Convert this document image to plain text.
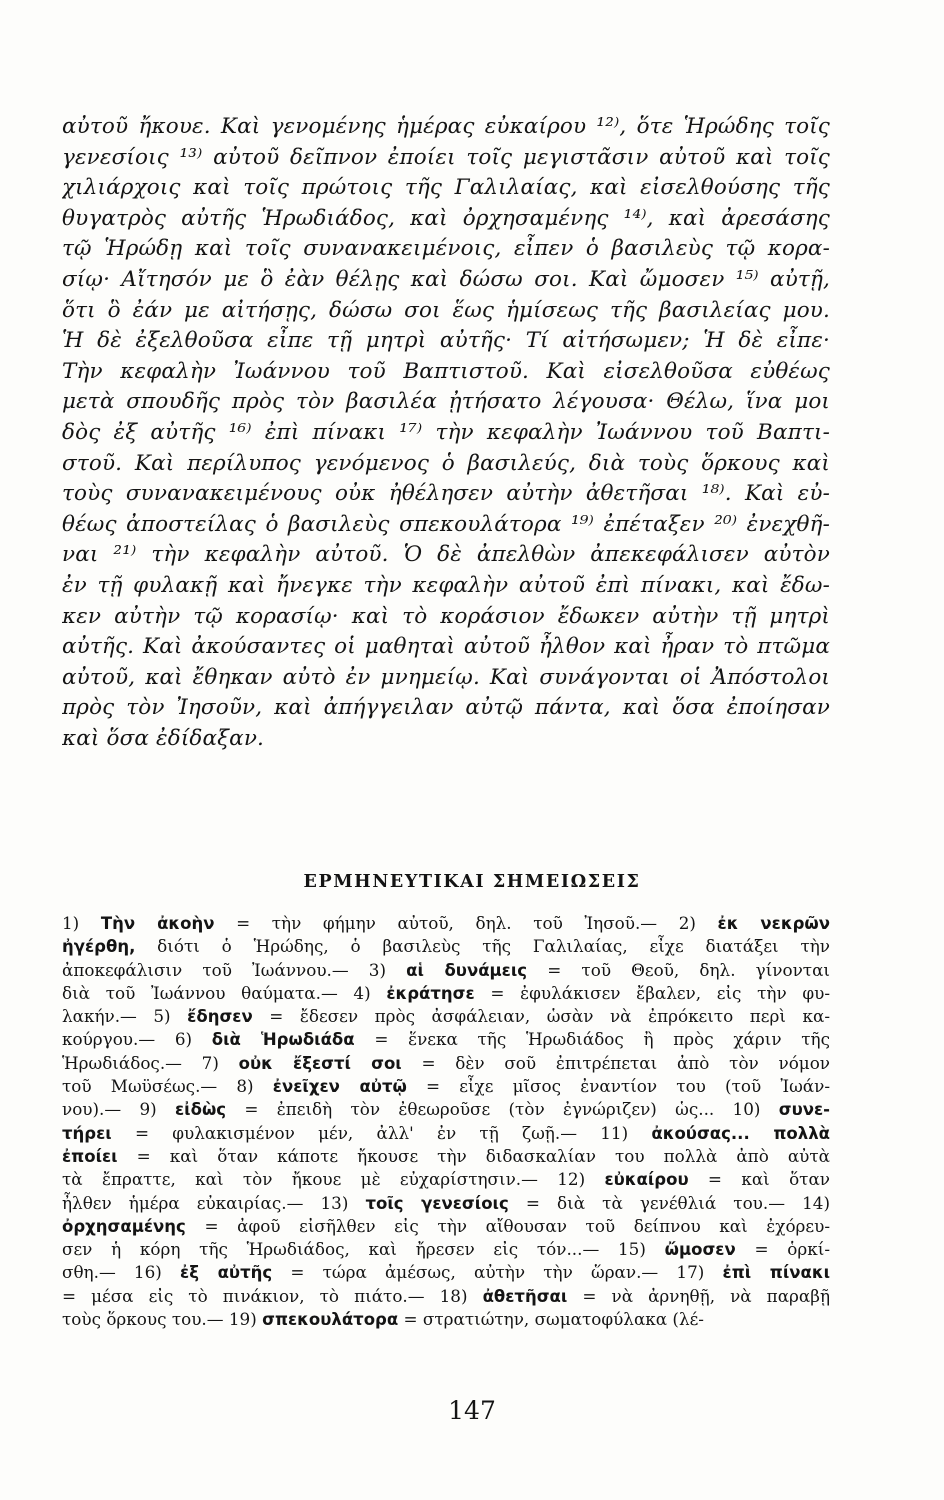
αὐτοῦ ἤκουε. Καὶ γενομένης ἡμέρας εὐκαίρου ¹²⁾, ὅτε Ἡρώδης τοῖς
γενεσίοις ¹³⁾ αὐτοῦ δεῖπνον ἐποίει τοῖς μεγιστᾶσιν αὐτοῦ καὶ τοῖς
χιλιάρχοις καὶ τοῖς πρώτοις τῆς Γαλιλαίας, καὶ εἰσελθούσης τῆς
θυγατρὸς αὐτῆς Ἡρωδιάδος, καὶ ὀρχησαμένης ¹⁴⁾, καὶ ἀρεσάσης
τῷ Ἡρώδῃ καὶ τοῖς συνανακειμένοις, εἶπεν ὁ βασιλεὺς τῷ κορα-
σίῳ· Αἴτησόν με ὃ ἐὰν θέλῃς καὶ δώσω σοι. Καὶ ὤμοσεν ¹⁵⁾ αὐτῇ,
ὅτι ὃ ἐάν με αἰτήσῃς, δώσω σοι ἕως ἡμίσεως τῆς βασιλείας μου.
Ἡ δὲ ἐξελθοῦσα εἶπε τῇ μητρὶ αὐτῆς· Τί αἰτήσωμεν; Ἡ δὲ εἶπε·
Τὴν κεφαλὴν Ἰωάννου τοῦ Βαπτιστοῦ. Καὶ εἰσελθοῦσα εὐθέως
μετὰ σπουδῆς πρὸς τὸν βασιλέα ᾐτήσατο λέγουσα· Θέλω, ἵνα μοι
δὸς ἐξ αὐτῆς ¹⁶⁾ ἐπὶ πίνακι ¹⁷⁾ τὴν κεφαλὴν Ἰωάννου τοῦ Βαπτι-
στοῦ. Καὶ περίλυπος γενόμενος ὁ βασιλεύς, διὰ τοὺς ὅρκους καὶ
τοὺς συνανακειμένους οὐκ ἠθέλησεν αὐτὴν ἀθετῆσαι ¹⁸⁾. Καὶ εὐ-
θέως ἀποστείλας ὁ βασιλεὺς σπεκουλάτορα ¹⁹⁾ ἐπέταξεν ²⁰⁾ ἐνεχθῆ-
ναι ²¹⁾ τὴν κεφαλὴν αὐτοῦ. Ὁ δὲ ἀπελθὼν ἀπεκεφάλισεν αὐτὸν
ἐν τῇ φυλακῇ καὶ ἤνεγκε τὴν κεφαλὴν αὐτοῦ ἐπὶ πίνακι, καὶ ἔδω-
κεν αὐτὴν τῷ κορασίῳ· καὶ τὸ κοράσιον ἔδωκεν αὐτὴν τῇ μητρὶ
αὐτῆς. Καὶ ἀκούσαντες οἱ μαθηταὶ αὐτοῦ ἦλθον καὶ ἦραν τὸ πτῶμα
αὐτοῦ, καὶ ἔθηκαν αὐτὸ ἐν μνημείῳ. Καὶ συνάγονται οἱ Ἀπόστολοι
πρὸς τὸν Ἰησοῦν, καὶ ἀπήγγειλαν αὐτῷ πάντα, καὶ ὅσα ἐποίησαν
καὶ ὅσα ἐδίδαξαν.
ΕΡΜΗΝΕΥΤΙΚΑΙ ΣΗΜΕΙΩΣΕΙΣ
1) Τὴν ἀκοὴν = τὴν φήμην αὐτοῦ, δηλ. τοῦ Ἰησοῦ.— 2) ἐκ νεκρῶν
ἠγέρθη, διότι ὁ Ἡρώδης, ὁ βασιλεὺς τῆς Γαλιλαίας, εἶχε διατάξει τὴν
ἀποκεφάλισιν τοῦ Ἰωάννου.— 3) αἱ δυνάμεις = τοῦ Θεοῦ, δηλ. γίνονται
διὰ τοῦ Ἰωάννου θαύματα.— 4) ἐκράτησε = ἐφυλάκισεν ἔβαλεν, εἰς τὴν φυ-
λακήν.— 5) ἔδησεν = ἔδεσεν πρὸς ἀσφάλειαν, ὡσὰν νὰ ἐπρόκειτο περὶ κα-
κούργου.— 6) διὰ Ἡρωδιάδα = ἕνεκα τῆς Ἡρωδιάδος ἢ πρὸς χάριν τῆς
Ἡρωδιάδος.— 7) οὐκ ἔξεστί σοι = δὲν σοῦ ἐπιτρέπεται ἀπὸ τὸν νόμον
τοῦ Μωϋσέως.— 8) ἐνεῖχεν αὐτῷ = εἶχε μῖσος ἐναντίον του (τοῦ Ἰωάν-
νου).— 9) εἰδὼς = ἐπειδὴ τὸν ἐθεωροῦσε (τὸν ἐγνώριζεν) ὡς... 10) συνε-
τήρει = φυλακισμένον μέν, ἀλλ' ἐν τῇ ζωῇ.— 11) ἀκούσας... πολλὰ
ἐποίει = καὶ ὅταν κάποτε ἤκουσε τὴν διδασκαλίαν του πολλὰ ἀπὸ αὐτὰ
τὰ ἔπραττε, καὶ τὸν ἤκουε μὲ εὐχαρίστησιν.— 12) εὐκαίρου = καὶ ὅταν
ἦλθεν ἡμέρα εὐκαιρίας.— 13) τοῖς γενεσίοις = διὰ τὰ γενέθλιά του.— 14)
ὀρχησαμένης = ἀφοῦ εἰσῆλθεν εἰς τὴν αἴθουσαν τοῦ δείπνου καὶ ἐχόρευ-
σεν ἡ κόρη τῆς Ἡρωδιάδος, καὶ ἤρεσεν εἰς τόν...— 15) ὤμοσεν = ὁρκί-
σθη.— 16) ἐξ αὐτῆς = τώρα ἀμέσως, αὐτὴν τὴν ὥραν.— 17) ἐπὶ πίνακι
= μέσα εἰς τὸ πινάκιον, τὸ πιάτο.— 18) ἀθετῆσαι = νὰ ἀρνηθῇ, νὰ παραβῇ
τοὺς ὅρκους του.— 19) σπεκουλάτορα = στρατιώτην, σωματοφύλακα (λέ-
147
